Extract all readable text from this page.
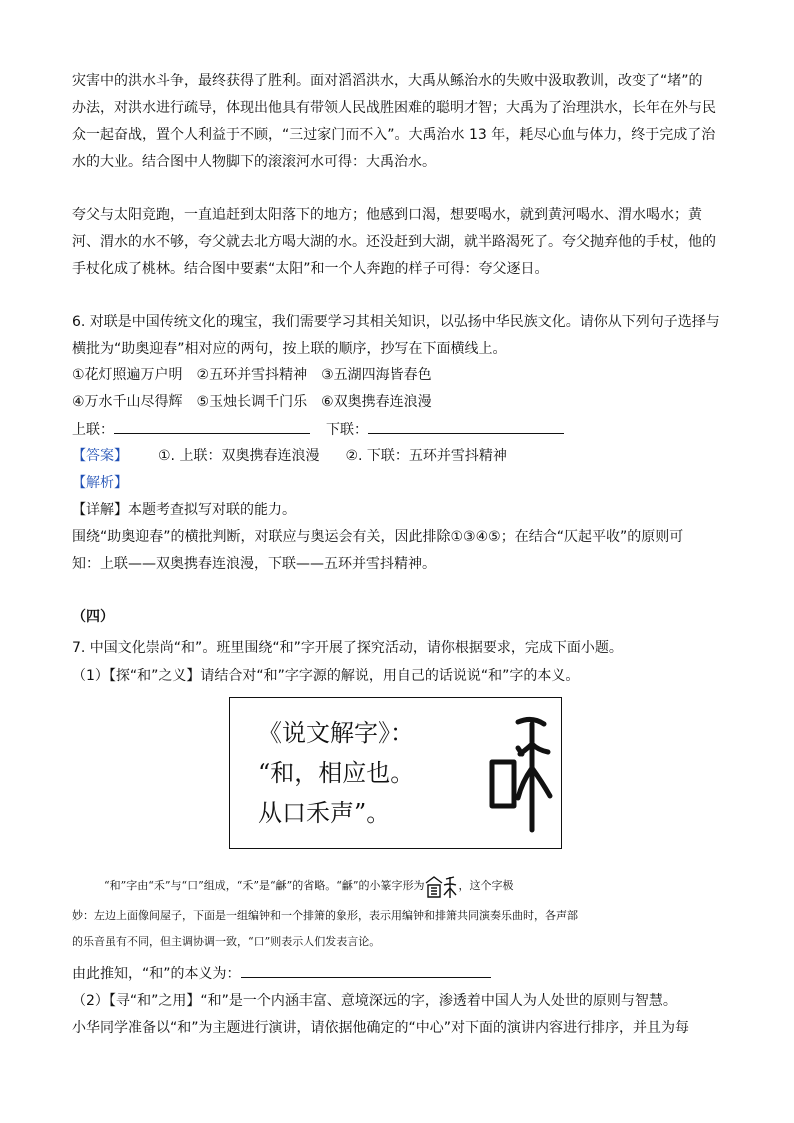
灾害中的洪水斗争，最终获得了胜利。面对滔滔洪水，大禹从鲧治水的失败中汲取教训，改变了“堵”的
办法，对洪水进行疏导，体现出他具有带领人民战胜困难的聪明才智；大禹为了治理洪水，长年在外与民
众一起奋战，置个人利益于不顾，“三过家门而不入”。大禹治水 13 年，耗尽心血与体力，终于完成了治
水的大业。结合图中人物脚下的滚滚河水可得：大禹治水。
夸父与太阳竞跑，一直追赶到太阳落下的地方；他感到口渴，想要喝水，就到黄河喝水、渭水喝水；黄
河、渭水的水不够，夸父就去北方喝大湖的水。还没赶到大湖，就半路渴死了。夸父抛弃他的手杖，他的
手杖化成了桃林。结合图中要素“太阳”和一个人奔跑的样子可得：夸父逐日。
6. 对联是中国传统文化的瑰宝，我们需要学习其相关知识，以弘扬中华民族文化。请你从下列句子选择与
横批为“助奥迎春”相对应的两句，按上联的顺序，抄写在下面横线上。
①花灯照遍万户明　②五环并雪抖精神　③五湖四海皆春色
④万水千山尽得辉　⑤玉烛长调千门乐　⑥双奥携春连浪漫
上联：	下联：
【答案】 ①. 上联：双奥携春连浪漫 ②. 下联：五环并雪抖精神
【解析】
【详解】本题考查拟写对联的能力。
围绕“助奥迎春”的横批判断，对联应与奥运会有关，因此排除①③④⑤；在结合“仄起平收”的原则可
知：上联——双奥携春连浪漫，下联——五环并雪抖精神。
（四）
7. 中国文化崇尚“和”。班里围绕“和”字开展了探究活动，请你根据要求，完成下面小题。
（1）【探“和”之义】请结合对“和”字字源的解说，用自己的话说说“和”字的本义。
《说文解字》：
“和，相应也。
从口禾声”。
“和”字由“禾”与“口”组成，“禾”是“龢”的省略。“龢”的小篆字形为	，这个字极
妙：左边上面像间屋子，下面是一组编钟和一个排箫的象形，表示用编钟和排箫共同演奏乐曲时，各声部
的乐音虽有不同，但主调协调一致，“口”则表示人们发表言论。
由此推知，“和”的本义为：
（2）【寻“和”之用】“和”是一个内涵丰富、意境深远的字，渗透着中国人为人处世的原则与智慧。
小华同学准备以“和”为主题进行演讲，请依据他确定的“中心”对下面的演讲内容进行排序，并且为每
